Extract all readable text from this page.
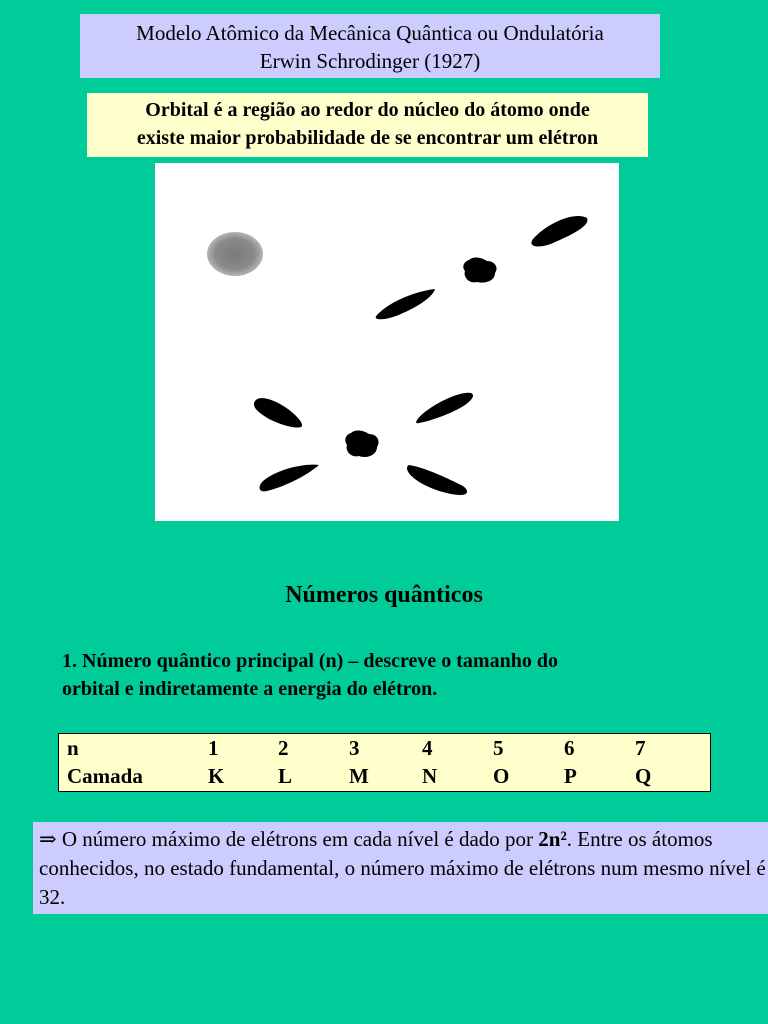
Modelo Atômico da Mecânica Quântica ou Ondulatória
Erwin Schrodinger (1927)
Orbital é a região ao redor do núcleo do átomo onde
existe maior probabilidade de se encontrar um elétron
Números quânticos
1. Número quântico principal (n) – descreve o tamanho do
orbital e indiretamente a energia do elétron.
n	1	2	3	4	5	6	7
Camada	K	L	M	N	O	P	Q
⇒ O número máximo de elétrons em cada nível é dado por 2n². Entre os átomos conhecidos, no estado fundamental, o número máximo de elétrons num mesmo nível é 32.
